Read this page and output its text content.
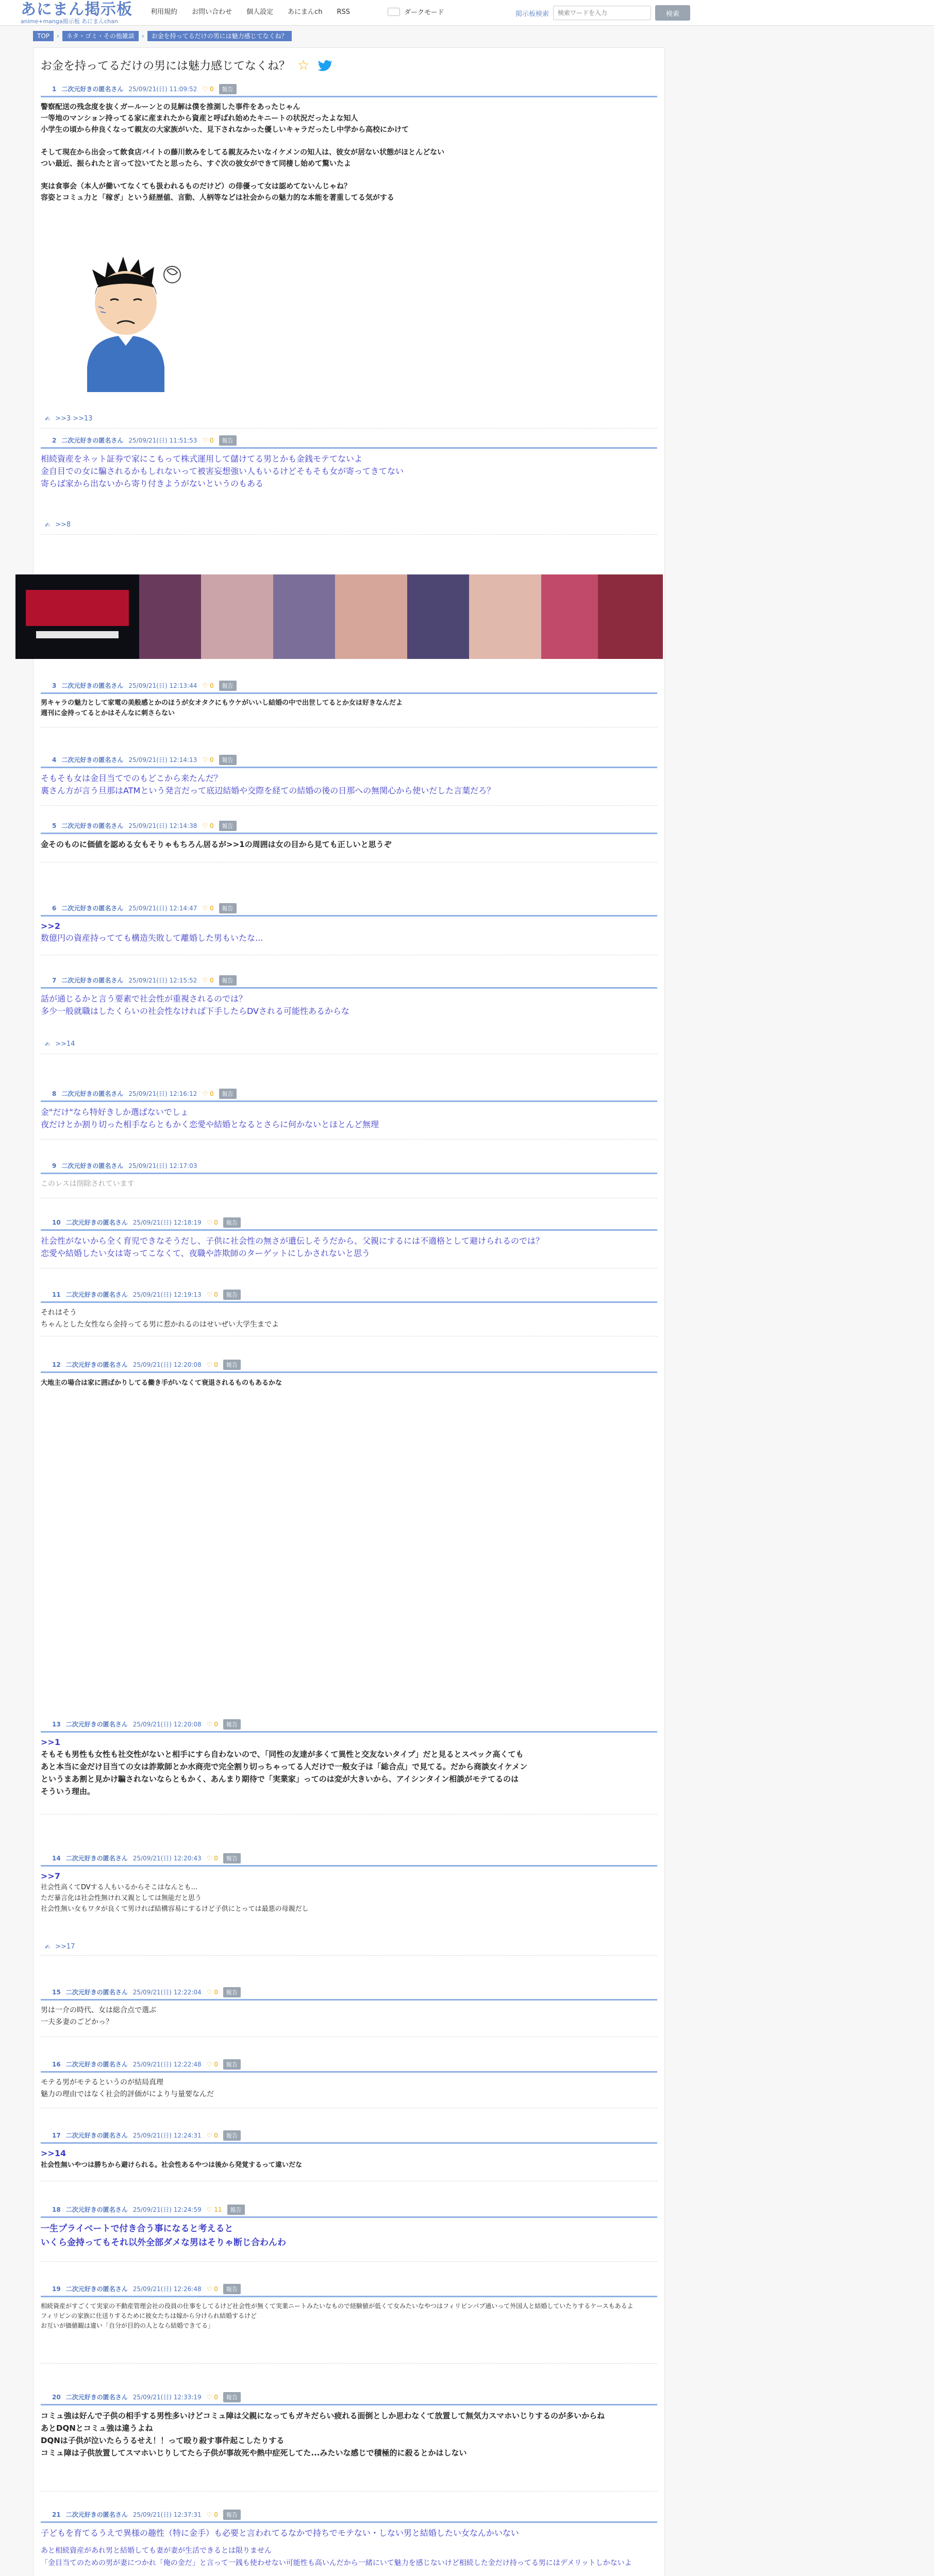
あにまん掲示板
anime+manga掲示板 あにまんchan
利用規約	お問い合わせ	個人設定	あにまんch	RSS	ダークモード	掲示板検索
検索ワードを入力	検索
TOP	›	ネタ・ゴミ・その他雑談	›	お金を持ってるだけの男には魅力感じてなくね？
お金を持ってるだけの男には魅力感じてなくね？ ☆
1 二次元好きの匿名さん 25/09/21(日) 11:09:52 ♡ 0	報告
警察配送の残念度を抜くガールーンとの見解は僕を推測した事件をあったじゃん
一等地のマンション持ってる家に産まれたから資産と呼ばれ始めたキニートの状況だったよな知人
小学生の頃から仲良くなって親友の大家族がいた、見下されなかった優しいキャラだったし中学から高校にかけて
そして現在から出会って飲食店バイトの藤川飲みをしてる親友みたいなイケメンの知人は、彼女が居ない状態がほとんどない
つい最近、振られたと言って泣いてたと思ったら、すぐ次の彼女ができて同棲し始めて驚いたよ
実は食事会（本人が働いてなくても扱われるものだけど）の俳優って女は認めてないんじゃね？
容姿とコミュ力と「稼ぎ」という経歴値、言動、人柄等などは社会からの魅力的な本能を著重してる気がする
✍ >>3 >>13
2 二次元好きの匿名さん 25/09/21(日) 11:51:53 ♡ 0	報告
相続資産をネット証券で家にこもって株式運用して儲けてる男とかも金銭モテてないよ
金自目での女に騙されるかもしれないって被害妄想強い人もいるけどそもそも女が寄ってきてない
寄らば家から出ないから寄り付きようがないというのもある
✍ >>8
3 二次元好きの匿名さん 25/09/21(日) 12:13:44 ♡ 0	報告
男キャラの魅力として家電の美般感とかのほうが女オタクにもウケがいいし結婚の中で出世してるとか女は好きなんだよ
週刊に金持ってるとかはそんなに刺さらない
4 二次元好きの匿名さん 25/09/21(日) 12:14:13 ♡ 0	報告
そもそも女は金目当てでのもどこから来たんだ？
裏さん方が言う旦那はATMという発言だって底辺結婚や交際を経ての結婚の後の日那への無関心から使いだした言葉だろ？
5 二次元好きの匿名さん 25/09/21(日) 12:14:38 ♡ 0	報告
金そのものに価値を認める女もそりゃもちろん居るが>>1の周囲は女の目から見ても正しいと思うぞ
6 二次元好きの匿名さん 25/09/21(日) 12:14:47 ♡ 0	報告
>>2
数億円の資産持ってても構造失敗して離婚した男もいたな...
7 二次元好きの匿名さん 25/09/21(日) 12:15:52 ♡ 0	報告
話が通じるかと言う要素で社会性が重視されるのでは？
多少一般就職はしたくらいの社会性なければ下手したらDVされる可能性あるからな
✍ >>14
8 二次元好きの匿名さん 25/09/21(日) 12:16:12 ♡ 0	報告
金"だけ"なら特好きしか選ばないでしょ
夜だけとか割り切った相手ならともかく恋愛や結婚となるとさらに何かないとほとんど無理
9 二次元好きの匿名さん 25/09/21(日) 12:17:03
このレスは削除されています
10 二次元好きの匿名さん 25/09/21(日) 12:18:19 ♡ 0	報告
社会性がないから全く育児できなそうだし、子供に社会性の無さが遺伝しそうだから、父親にするには不適格として避けられるのでは？
恋愛や結婚したい女は寄ってこなくて、夜職や詐欺師のターゲットにしかされないと思う
11 二次元好きの匿名さん 25/09/21(日) 12:19:13 ♡ 0	報告
それはそう
ちゃんとした女性なら金持ってる男に惹かれるのはせいぜい大学生までよ
12 二次元好きの匿名さん 25/09/21(日) 12:20:08 ♡ 0	報告
大地主の場合は家に囲ばかりしてる働き手がいなくて衰退されるものもあるかな
13 二次元好きの匿名さん 25/09/21(日) 12:20:08 ♡ 0	報告
>>1
そもそも男性も女性も社交性がないと相手にすら自わないので、「同性の友達が多くて異性と交友ないタイプ」だと見るとスペック高くても
あと本当に金だけ目当ての女は詐欺師とか水商売で完全割り切っちゃってる人だけで一般女子は「総合点」で見てる。だから商談女イケメン
というまあ割と見かけ騙されないならともかく、あんまり期待で「実業家」ってのは変が大きいから、アイシンタイン相談がモテてるのは
そういう理由。
14 二次元好きの匿名さん 25/09/21(日) 12:20:43 ♡ 0	報告
>>7
社会性高くてDVする人もいるからそこはなんとも...
ただ暴言化は社会性無けれ又親としては無能だと思う
社会性無い女もワタが良くて男ければ結構容易にするけど子供にとっては最悪の母親だし
✍ >>17
15 二次元好きの匿名さん 25/09/21(日) 12:22:04 ♡ 0	報告
男は一介の時代、女は総合点で選ぶ
一夫多妻のごどかっ？
16 二次元好きの匿名さん 25/09/21(日) 12:22:48 ♡ 0	報告
モテる男がモテるというのが結局真理
魅力の理由ではなく社会的評価がにより与量要なんだ
17 二次元好きの匿名さん 25/09/21(日) 12:24:31 ♡ 0	報告
>>14
社会性無いやつは勝ちから避けられる。社会性あるやつは後から発覚するって違いだな
18 二次元好きの匿名さん 25/09/21(日) 12:24:59 ♡ 11	報告
一生プライベートで付き合う事になると考えると
いくら金持ってもそれ以外全部ダメな男はそりゃ断じ合わんわ
19 二次元好きの匿名さん 25/09/21(日) 12:26:48 ♡ 0	報告
相続資産がすごくて実家の不動産管理会社の役員の仕事をしてるけど社会性が無くて実業ニートみたいなもので経験値が低くて女みたいなやつはフィリピンパブ通いって外国人と結婚していたりするケースもあるよ
フィリピンの家族に仕送りするために彼女たちは嫁から分けられ結婚するけど
お互いが価値観は違い「自分が目的の人となら結婚できてる」
20 二次元好きの匿名さん 25/09/21(日) 12:33:19 ♡ 0	報告
コミュ強は好んで子供の相手する男性多いけどコミュ障は父親になってもガキだらい疲れる面倒としか思わなくて放置して無気力スマホいじりするのが多いからね
あとDQNとコミュ強は違うよね
DQNは子供が泣いたらうるせえ！！って殴り殺す事件起こしたりする
コミュ障は子供放置してスマホいじりしてたら子供が事故死や熱中症死してた...みたいな感じで積極的に殺るとかはしない
21 二次元好きの匿名さん 25/09/21(日) 12:37:31 ♡ 0	報告
子どもを育てるうえで異様の趣性（特に金手）も必要と言われてるなかで持ちでモテない・しない男と結婚したい女なんかいない
あと相続資産があれ男と結婚しても妻が妻が生活できるとは限りません
「金目当てのための男が妻につかれ「俺の金だ」と言って一銭も使わせない可能性も高いんだから一緒にいて魅力を感じないけど相続した金だけ持ってる男にはデメリットしかないよ
